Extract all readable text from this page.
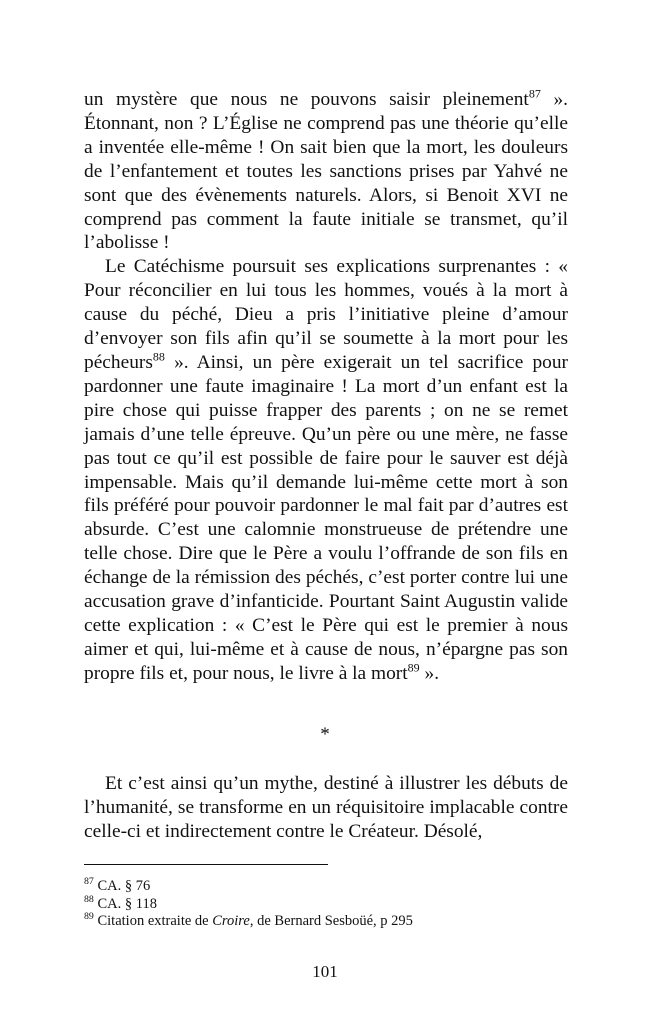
un mystère que nous ne pouvons saisir pleinement$^{87}$ ». Étonnant, non ? L’Église ne comprend pas une théorie qu’elle a inventée elle-même ! On sait bien que la mort, les douleurs de l’enfantement et toutes les sanctions prises par Yahvé ne sont que des évènements naturels. Alors, si Benoit XVI ne comprend pas comment la faute initiale se transmet, qu’il l’abolisse !

Le Catéchisme poursuit ses explications surprenantes : « Pour réconcilier en lui tous les hommes, voués à la mort à cause du péché, Dieu a pris l’initiative pleine d’amour d’envoyer son fils afin qu’il se soumette à la mort pour les pécheurs$^{88}$ ». Ainsi, un père exigerait un tel sacrifice pour pardonner une faute imaginaire ! La mort d’un enfant est la pire chose qui puisse frapper des parents ; on ne se remet jamais d’une telle épreuve. Qu’un père ou une mère, ne fasse pas tout ce qu’il est possible de faire pour le sauver est déjà impensable. Mais qu’il demande lui-même cette mort à son fils préféré pour pouvoir pardonner le mal fait par d’autres est absurde. C’est une calomnie monstrueuse de prétendre une telle chose. Dire que le Père a voulu l’offrande de son fils en échange de la rémission des péchés, c’est porter contre lui une accusation grave d’infanticide. Pourtant Saint Augustin valide cette explication : « C’est le Père qui est le premier à nous aimer et qui, lui-même et à cause de nous, n’épargne pas son propre fils et, pour nous, le livre à la mort$^{89}$ ».

*

Et c’est ainsi qu’un mythe, destiné à illustrer les débuts de l’humanité, se transforme en un réquisitoire implacable contre celle-ci et indirectement contre le Créateur. Désolé,

$^{87}$ CA. § 76
$^{88}$ CA. § 118
$^{89}$ Citation extraite de Croire, de Bernard Sesboüé, p 295
101
